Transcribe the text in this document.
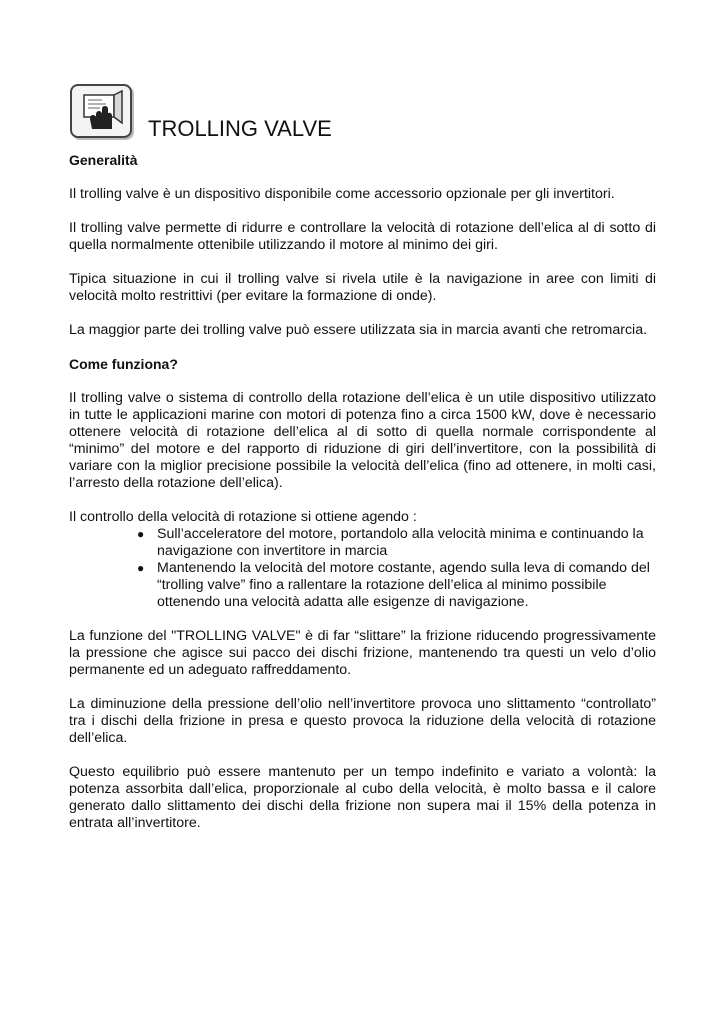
TROLLING VALVE
Generalità

Il trolling valve è un dispositivo disponibile come accessorio opzionale per gli invertitori.

Il trolling valve permette di ridurre e controllare la velocità di rotazione dell’elica al di sotto di quella normalmente ottenibile utilizzando il motore al minimo dei giri.

Tipica situazione in cui il trolling valve si rivela utile è la navigazione in aree con limiti di velocità molto restrittivi (per evitare la formazione di onde).

La maggior parte dei trolling valve può essere utilizzata sia in marcia avanti che retromarcia.

Come funziona?

Il trolling valve o sistema di controllo della rotazione dell’elica è un utile dispositivo utilizzato in tutte le applicazioni marine con motori di potenza fino a circa 1500 kW, dove è necessario ottenere velocità di rotazione dell’elica al di sotto di quella normale corrispondente al “minimo” del motore e del rapporto di riduzione di giri dell’invertitore, con la possibilità di variare con la miglior precisione possibile la velocità dell’elica (fino ad ottenere, in molti casi, l’arresto della rotazione dell’elica).

Il controllo della velocità di rotazione si ottiene agendo :

● Sull’acceleratore del motore, portandolo alla velocità minima e continuando la navigazione con invertitore in marcia
● Mantenendo la velocità del motore costante, agendo sulla leva di comando del “trolling valve” fino a rallentare la rotazione dell’elica al minimo possibile ottenendo una velocità adatta alle esigenze di navigazione.

La funzione del "TROLLING VALVE" è di far “slittare” la frizione riducendo progressivamente la pressione che agisce sui pacco dei dischi frizione, mantenendo tra questi un velo d’olio permanente ed un adeguato raffreddamento.

La diminuzione della pressione dell’olio nell’invertitore provoca uno slittamento “controllato” tra i dischi della frizione in presa e questo provoca la riduzione della velocità di rotazione dell’elica.

Questo equilibrio può essere mantenuto per un tempo indefinito e variato a volontà: la potenza assorbita dall’elica, proporzionale al cubo della velocità, è molto bassa e il calore generato dallo slittamento dei dischi della frizione non supera mai il 15% della potenza in entrata all’invertitore.
